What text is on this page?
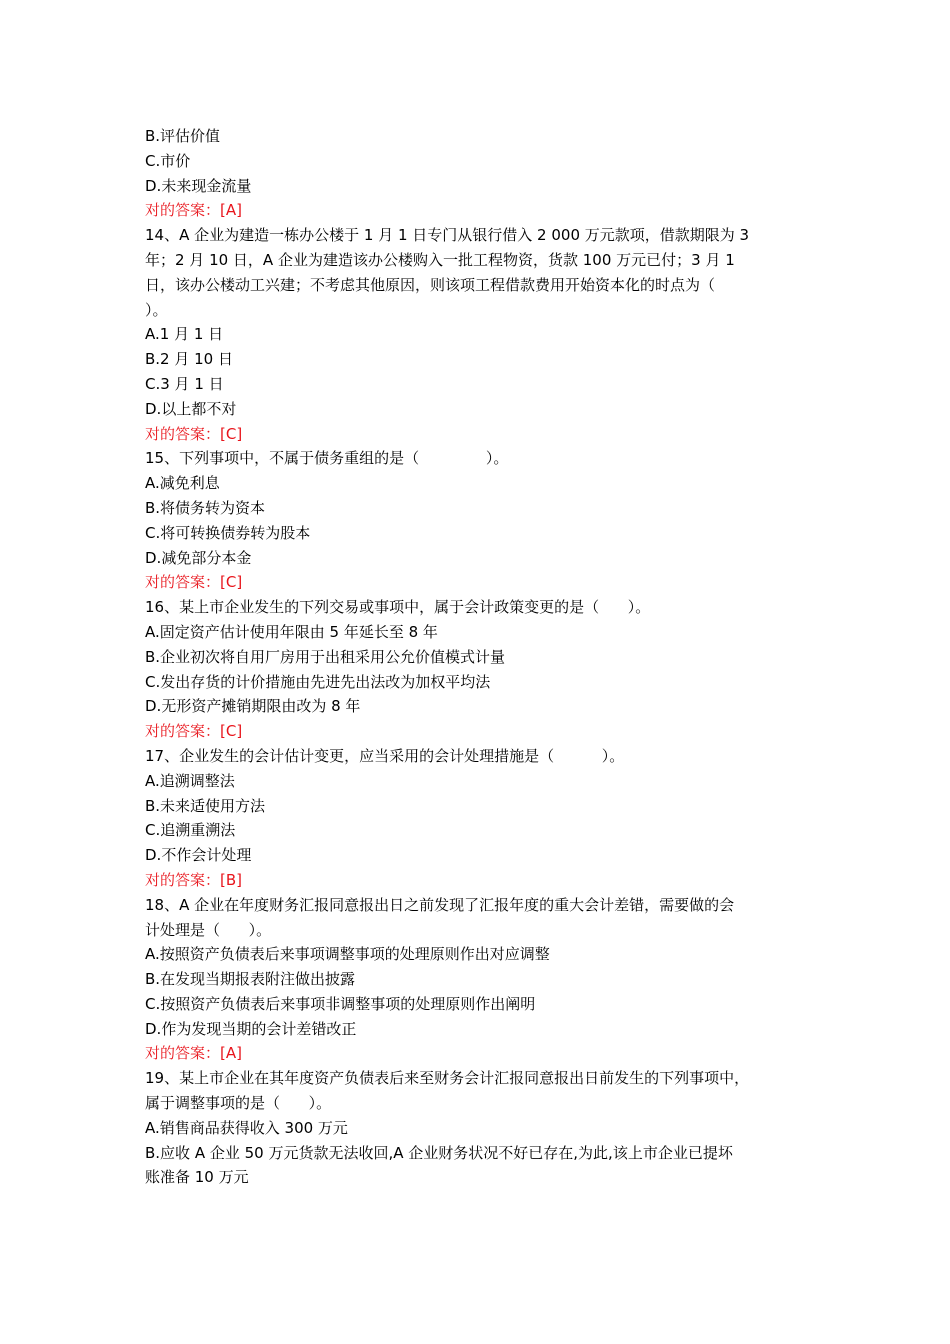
B.评估价值
C.市价
D.未来现金流量
对的答案：[A]
14、A 企业为建造一栋办公楼于 1 月 1 日专门从银行借入 2 000 万元款项，借款期限为 3
年；2 月 10 日，A 企业为建造该办公楼购入一批工程物资，货款 100 万元已付；3 月 1
日，该办公楼动工兴建；不考虑其他原因，则该项工程借款费用开始资本化的时点为（
）。
A.1 月 1 日
B.2 月 10 日
C.3 月 1 日
D.以上都不对
对的答案：[C]
15、下列事项中，不属于债务重组的是（              ）。
A.减免利息
B.将债务转为资本
C.将可转换债券转为股本
D.减免部分本金
对的答案：[C]
16、某上市企业发生的下列交易或事项中，属于会计政策变更的是（      ）。
A.固定资产估计使用年限由 5 年延长至 8 年
B.企业初次将自用厂房用于出租采用公允价值模式计量
C.发出存货的计价措施由先进先出法改为加权平均法
D.无形资产摊销期限由改为 8 年
对的答案：[C]
17、企业发生的会计估计变更，应当采用的会计处理措施是（          ）。
A.追溯调整法
B.未来适使用方法
C.追溯重溯法
D.不作会计处理
对的答案：[B]
18、A 企业在年度财务汇报同意报出日之前发现了汇报年度的重大会计差错，需要做的会
计处理是（      ）。
A.按照资产负债表后来事项调整事项的处理原则作出对应调整
B.在发现当期报表附注做出披露
C.按照资产负债表后来事项非调整事项的处理原则作出阐明
D.作为发现当期的会计差错改正
对的答案：[A]
19、某上市企业在其年度资产负债表后来至财务会计汇报同意报出日前发生的下列事项中，
属于调整事项的是（      ）。
A.销售商品获得收入 300 万元
B.应收 A 企业 50 万元货款无法收回,A 企业财务状况不好已存在,为此,该上市企业已提坏
账准备 10 万元
